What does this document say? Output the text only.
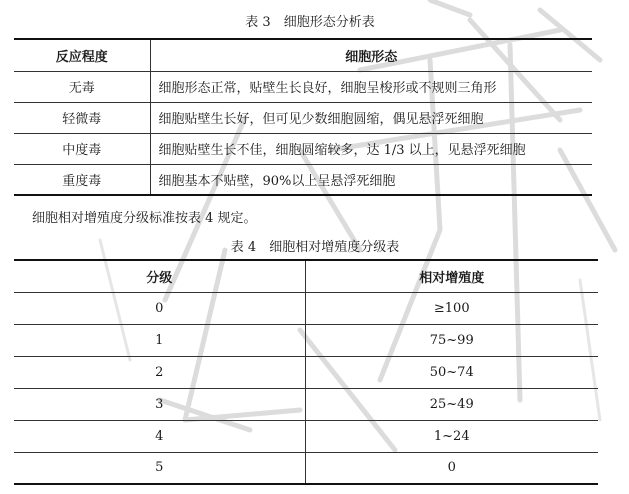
表 3　细胞形态分析表
反应程度	细胞形态
无毒	细胞形态正常，贴壁生长良好，细胞呈梭形或不规则三角形
轻微毒	细胞贴壁生长好，但可见少数细胞圆缩，偶见悬浮死细胞
中度毒	细胞贴壁生长不佳，细胞圆缩较多，达 1/3 以上，见悬浮死细胞
重度毒	细胞基本不贴壁，90%以上呈悬浮死细胞
细胞相对增殖度分级标准按表 4 规定。
表 4　细胞相对增殖度分级表
分级	相对增殖度
0	≥100
1	75~99
2	50~74
3	25~49
4	1~24
5	0
